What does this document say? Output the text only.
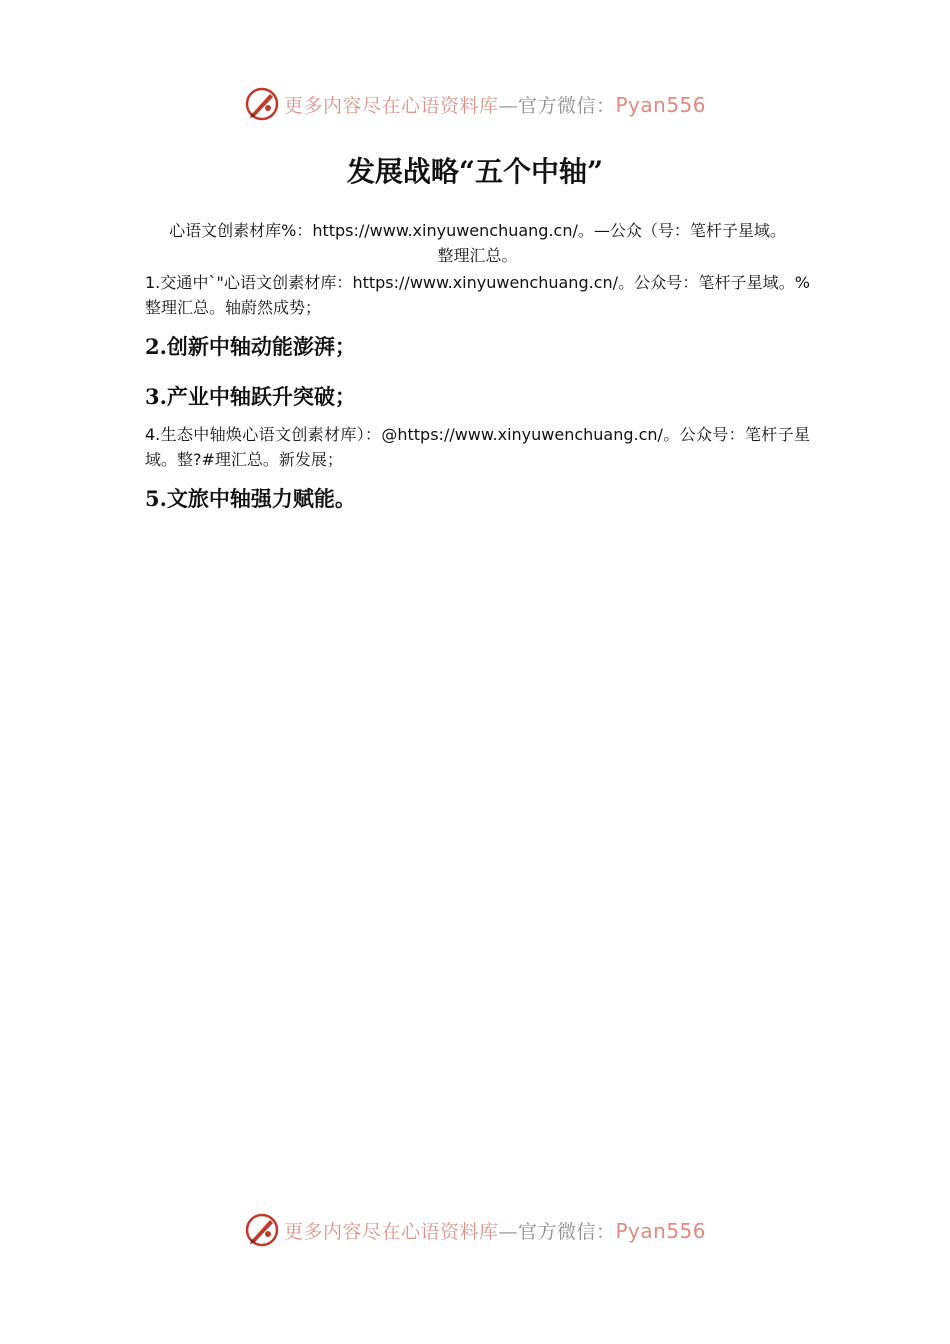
更多内容尽在心语资料库—官方微信：Pyan556
发展战略“五个中轴”

心语文创素材库%：https://www.xinyuwenchuang.cn/。—公众（号：笔杆子星域。
整理汇总。

1.交通中`"心语文创素材库：https://www.xinyuwenchuang.cn/。公众号：笔杆子星域。%整理汇总。轴蔚然成势；

2.创新中轴动能澎湃；

3.产业中轴跃升突破；

4.生态中轴焕心语文创素材库）：@https://www.xinyuwenchuang.cn/。公众号：笔杆子星域。整?#理汇总。新发展；

5.文旅中轴强力赋能。

更多内容尽在心语资料库—官方微信：Pyan556
